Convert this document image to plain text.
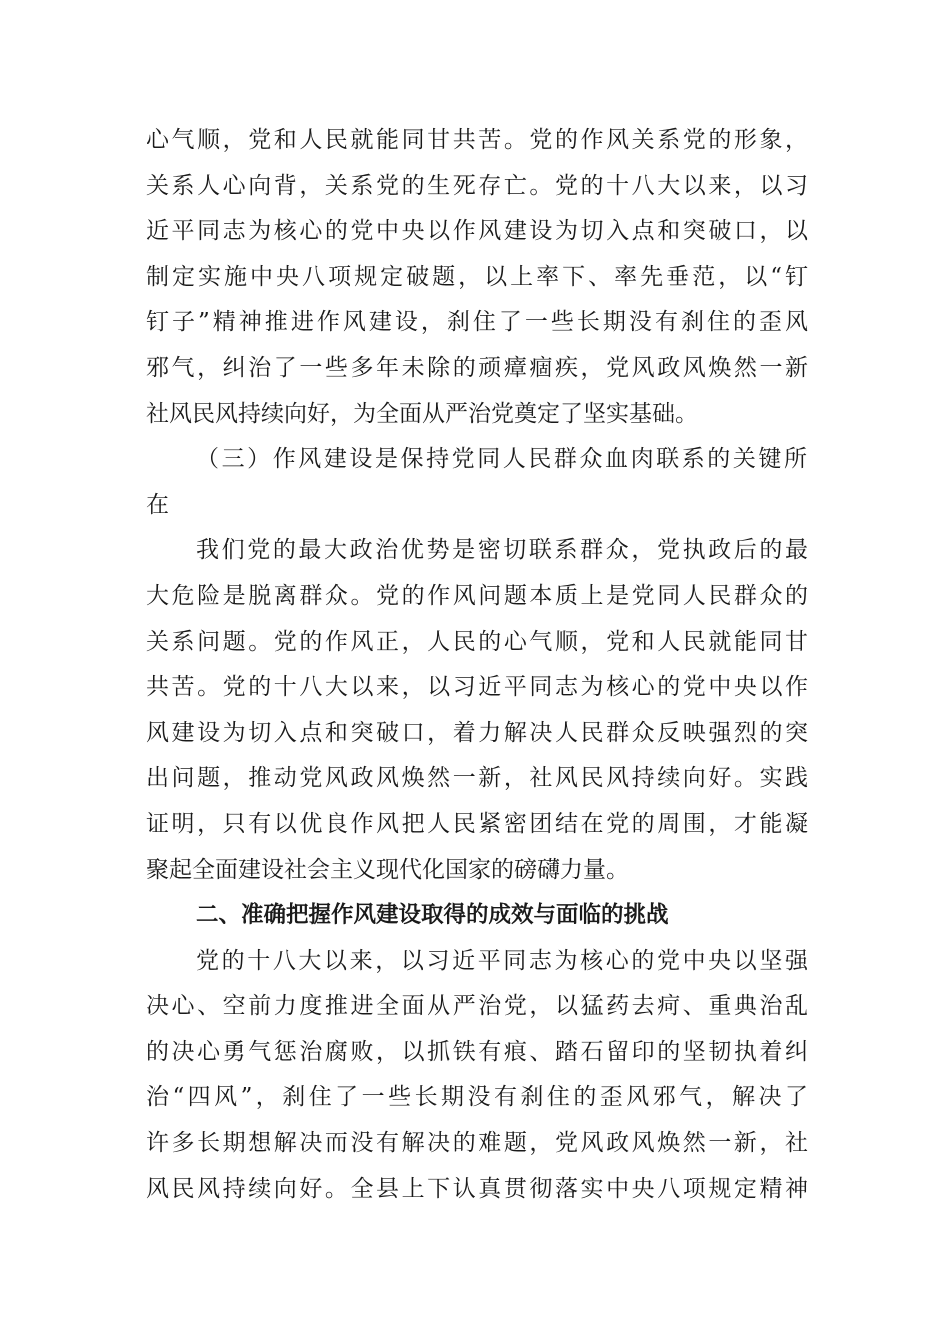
心气顺，党和人民就能同甘共苦。党的作风关系党的形象，
关系人心向背，关系党的生死存亡。党的十八大以来，以习
近平同志为核心的党中央以作风建设为切入点和突破口，以
制定实施中央八项规定破题，以上率下、率先垂范，以“钉
钉子”精神推进作风建设，刹住了一些长期没有刹住的歪风
邪气，纠治了一些多年未除的顽瘴痼疾，党风政风焕然一新
社风民风持续向好，为全面从严治党奠定了坚实基础。
（三）作风建设是保持党同人民群众血肉联系的关键所
在
我们党的最大政治优势是密切联系群众，党执政后的最
大危险是脱离群众。党的作风问题本质上是党同人民群众的
关系问题。党的作风正，人民的心气顺，党和人民就能同甘
共苦。党的十八大以来，以习近平同志为核心的党中央以作
风建设为切入点和突破口，着力解决人民群众反映强烈的突
出问题，推动党风政风焕然一新，社风民风持续向好。实践
证明，只有以优良作风把人民紧密团结在党的周围，才能凝
聚起全面建设社会主义现代化国家的磅礴力量。
二、准确把握作风建设取得的成效与面临的挑战
党的十八大以来，以习近平同志为核心的党中央以坚强
决心、空前力度推进全面从严治党，以猛药去疴、重典治乱
的决心勇气惩治腐败，以抓铁有痕、踏石留印的坚韧执着纠
治“四风”，刹住了一些长期没有刹住的歪风邪气，解决了
许多长期想解决而没有解决的难题，党风政风焕然一新，社
风民风持续向好。全县上下认真贯彻落实中央八项规定精神
